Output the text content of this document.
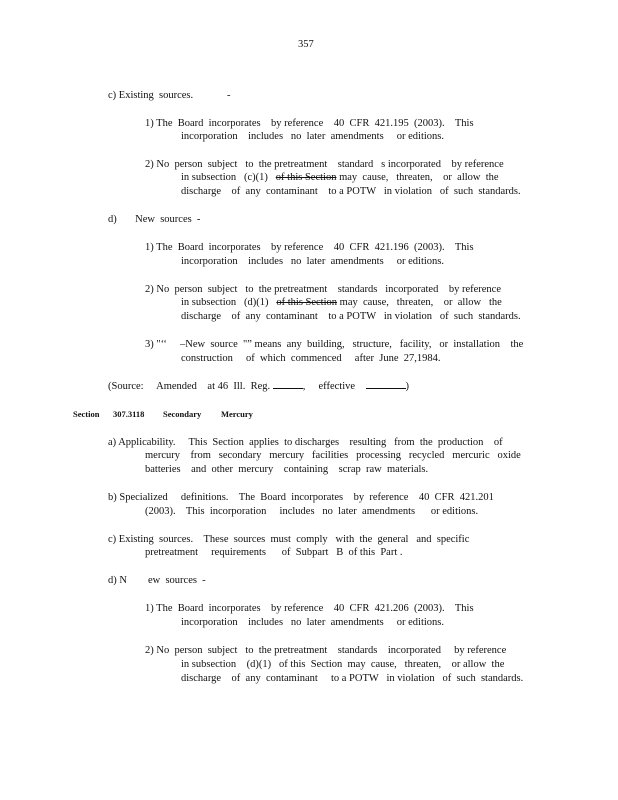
357
c) Existing  sources.	-
1) The  Board  incorporates    by reference    40  CFR  421.195  (2003).    This
incorporation    includes   no  later  amendments     or editions.
2) No  person  subject   to  the pretreatment    standard   s incorporated    by reference
in subsection   (c)(1) of this Section may  cause,   threaten,    or  allow  the
discharge    of  any  contaminant    to a POTW   in violation   of  such  standards.
d)       New  sources  -
1) The  Board  incorporates    by reference    40  CFR  421.196  (2003).    This
incorporation    includes   no  later  amendments     or editions.
2) No  person  subject   to  the pretreatment    standards   incorporated    by reference
in subsection   (d)(1) of this Section may  cause,   threaten,    or  allow   the
discharge    of  any  contaminant    to a POTW   in violation   of  such  standards.
3) "‘‘     –New  source  "” means  any  building,   structure,   facility,   or  installation    the
construction     of  which  commenced     after  June  27,1984.
(Source:     Amended    at 46  Ill.  Reg.	,     effective	)
Section 307.3118 Secondary Mercury
a) Applicability.     This  Section  applies  to discharges    resulting   from  the  production    of
mercury    from   secondary   mercury   facilities   processing   recycled   mercuric   oxide
batteries    and  other  mercury    containing    scrap  raw  materials.
b) Specialized     definitions.    The  Board  incorporates    by  reference    40  CFR  421.201
(2003).    This  incorporation     includes   no  later  amendments      or editions.
c) Existing  sources.    These  sources  must  comply   with  the  general   and  specific
pretreatment     requirements      of  Subpart   B  of this  Part .
d) N        ew  sources  -
1) The  Board  incorporates    by reference    40  CFR  421.206  (2003).    This
incorporation    includes   no  later  amendments     or editions.
2) No  person  subject   to  the pretreatment    standards    incorporated     by reference
in subsection    (d)(1)   of this  Section  may  cause,   threaten,    or allow  the
discharge    of  any  contaminant     to a POTW   in violation   of  such  standards.
